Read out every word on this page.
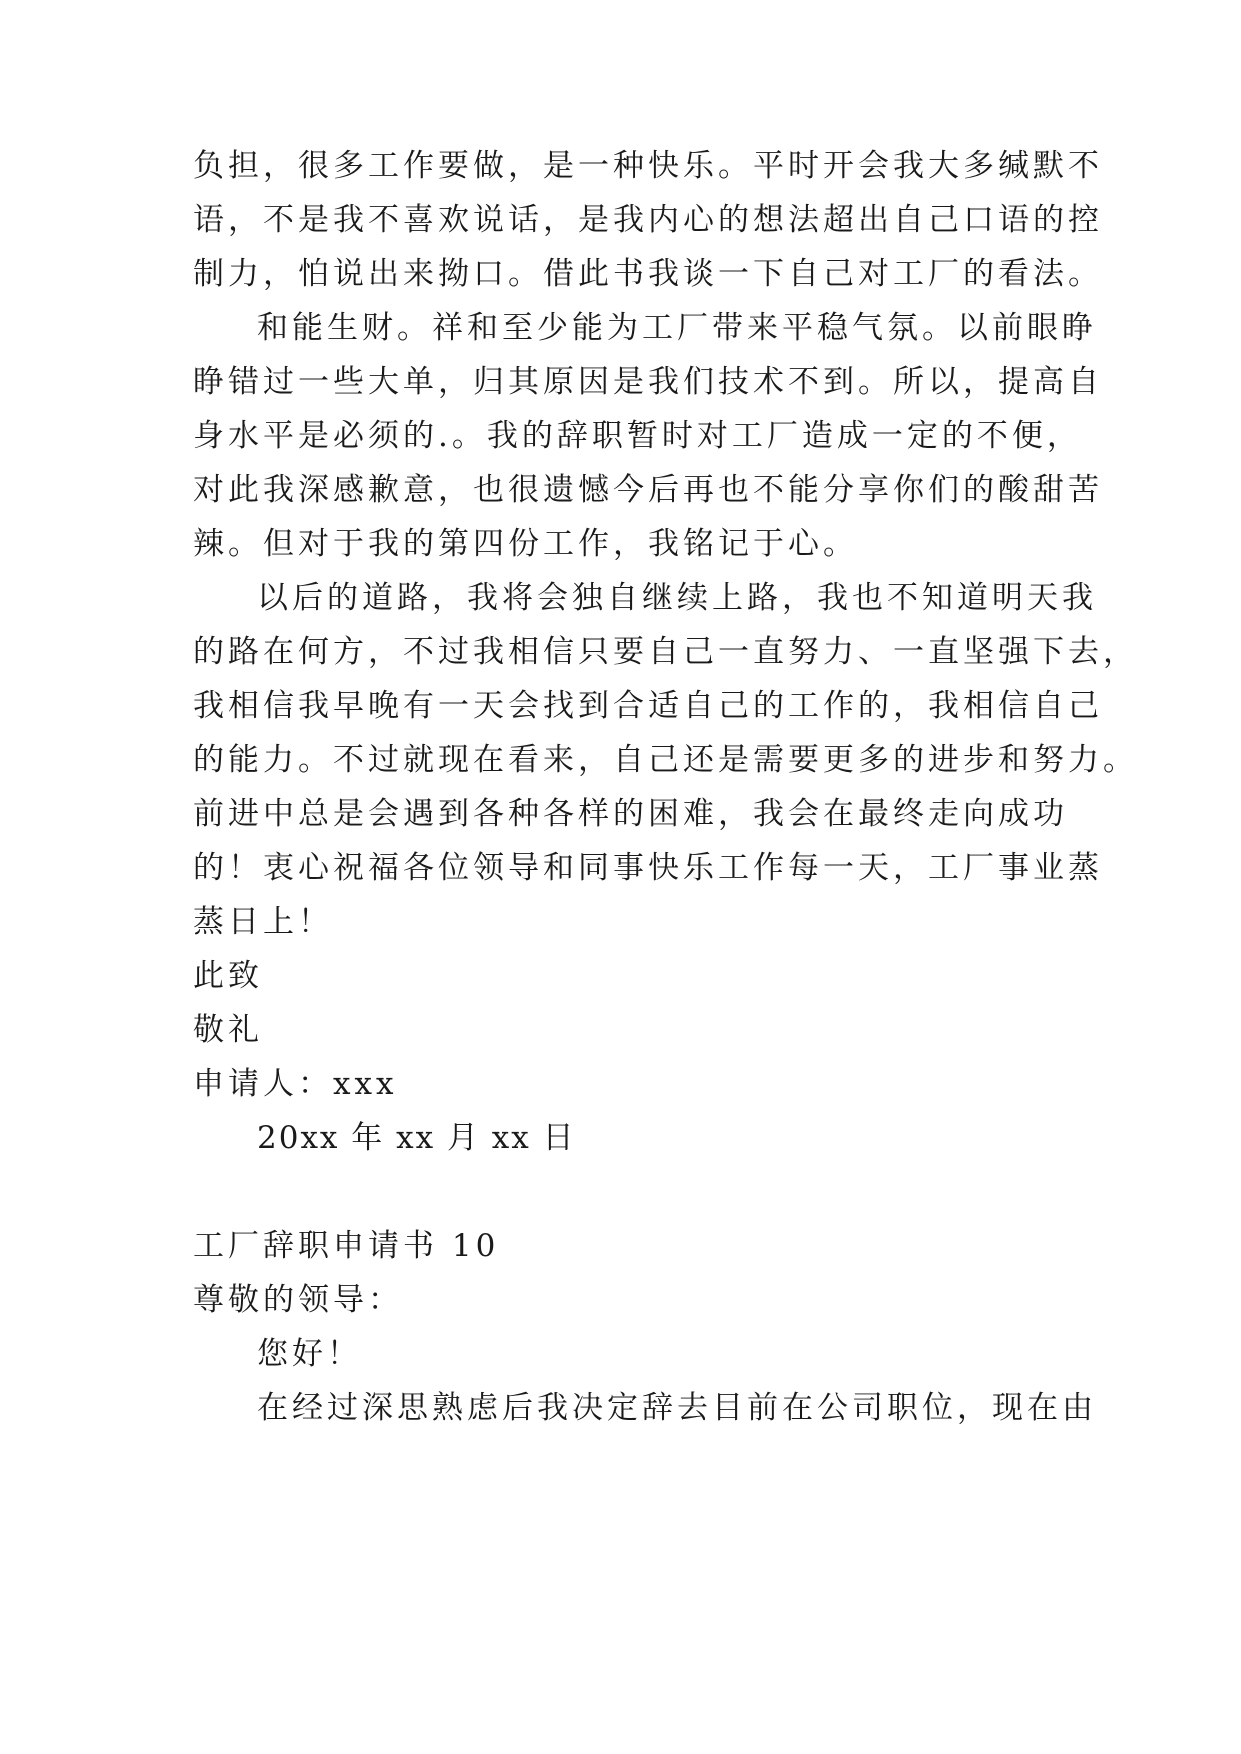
负担，很多工作要做，是一种快乐。平时开会我大多缄默不
语，不是我不喜欢说话，是我内心的想法超出自己口语的控
制力，怕说出来拗口。借此书我谈一下自己对工厂的看法。
和能生财。祥和至少能为工厂带来平稳气氛。以前眼睁
睁错过一些大单，归其原因是我们技术不到。所以，提高自
身水平是必须的.。我的辞职暂时对工厂造成一定的不便，
对此我深感歉意，也很遗憾今后再也不能分享你们的酸甜苦
辣。但对于我的第四份工作，我铭记于心。
以后的道路，我将会独自继续上路，我也不知道明天我
的路在何方，不过我相信只要自己一直努力、一直坚强下去，
我相信我早晚有一天会找到合适自己的工作的，我相信自己
的能力。不过就现在看来，自己还是需要更多的进步和努力。
前进中总是会遇到各种各样的困难，我会在最终走向成功
的！衷心祝福各位领导和同事快乐工作每一天，工厂事业蒸
蒸日上！
此致
敬礼
申请人：xxx
20xx 年 xx 月 xx 日
工厂辞职申请书 10
尊敬的领导：
您好！
在经过深思熟虑后我决定辞去目前在公司职位，现在由
